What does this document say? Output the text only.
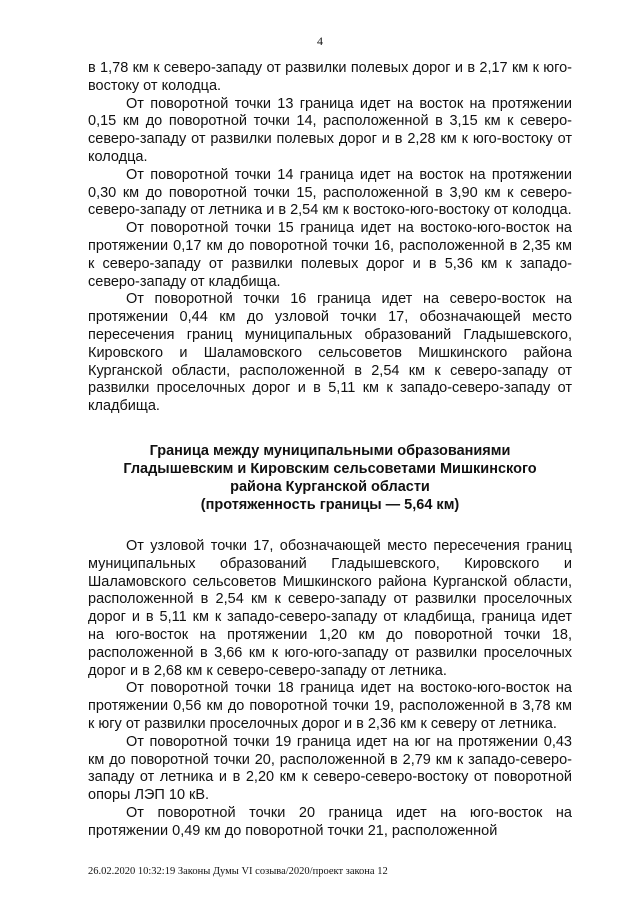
4

в 1,78 км к северо-западу от развилки полевых дорог и в 2,17 км к юго-востоку от колодца.

От поворотной точки 13 граница идет на восток на протяжении 0,15 км до поворотной точки 14, расположенной в 3,15 км к северо-северо-западу от развилки полевых дорог и в 2,28 км к юго-востоку от колодца.

От поворотной точки 14 граница идет на восток на протяжении 0,30 км до поворотной точки 15, расположенной в 3,90 км к северо-северо-западу от летника и в 2,54 км к востоко-юго-востоку от колодца.

От поворотной точки 15 граница идет на востоко-юго-восток на протяжении 0,17 км до поворотной точки 16, расположенной в 2,35 км к северо-западу от развилки полевых дорог и в 5,36 км к западо-северо-западу от кладбища.

От поворотной точки 16 граница идет на северо-восток на протяжении 0,44 км до узловой точки 17, обозначающей место пересечения границ муниципальных образований Гладышевского, Кировского и Шаламовского сельсоветов Мишкинского района Курганской области, расположенной в 2,54 км к северо-западу от развилки проселочных дорог и в 5,11 км к западо-северо-западу от кладбища.

Граница между муниципальными образованиями
Гладышевским и Кировским сельсоветами Мишкинского
района Курганской области
(протяженность границы — 5,64 км)

От узловой точки 17, обозначающей место пересечения границ муниципальных образований Гладышевского, Кировского и Шаламовского сельсоветов Мишкинского района Курганской области, расположенной в 2,54 км к северо-западу от развилки проселочных дорог и в 5,11 км к западо-северо-западу от кладбища, граница идет на юго-восток на протяжении 1,20 км до поворотной точки 18, расположенной в 3,66 км к юго-юго-западу от развилки проселочных дорог и в 2,68 км к северо-северо-западу от летника.

От поворотной точки 18 граница идет на востоко-юго-восток на протяжении 0,56 км до поворотной точки 19, расположенной в 3,78 км к югу от развилки проселочных дорог и в 2,36 км к северу от летника.

От поворотной точки 19 граница идет на юг на протяжении 0,43 км до поворотной точки 20, расположенной в 2,79 км к западо-северо-западу от летника и в 2,20 км к северо-северо-востоку от поворотной опоры ЛЭП 10 кВ.

От поворотной точки 20 граница идет на юго-восток на протяжении 0,49 км до поворотной точки 21, расположенной

26.02.2020 10:32:19 Законы Думы VI созыва/2020/проект закона 12
